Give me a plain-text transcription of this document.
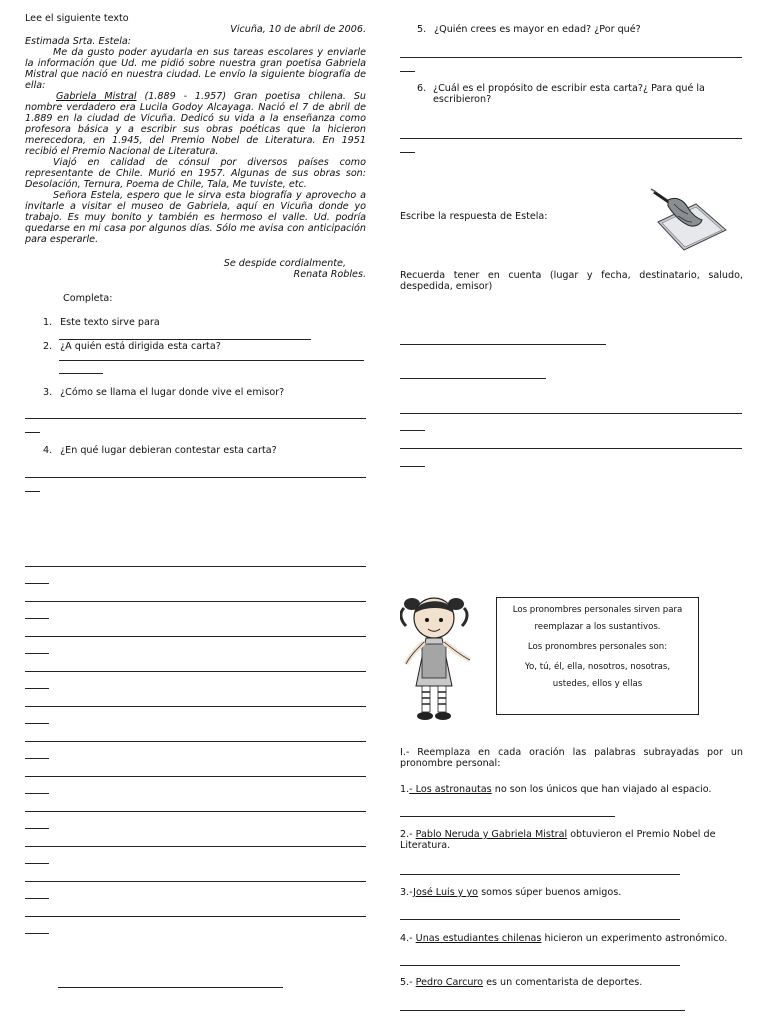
Lee el siguiente texto
Vicuña, 10 de abril de 2006.
Estimada Srta. Estela:

Me da gusto poder ayudarla en sus tareas escolares y enviarle la información que Ud. me pidió sobre nuestra gran poetisa Gabriela Mistral que nació en nuestra ciudad. Le envío la siguiente biografía de ella:

Gabriela Mistral (1.889 - 1.957) Gran poetisa chilena. Su nombre verdadero era Lucila Godoy Alcayaga. Nació el 7 de abril de 1.889 en la ciudad de Vicuña. Dedicó su vida a la enseñanza como profesora básica y a escribir sus obras poéticas que la hicieron merecedora, en 1.945, del Premio Nobel de Literatura. En 1951 recibió el Premio Nacional de Literatura.

Viajó en calidad de cónsul por diversos países como representante de Chile. Murió en 1957. Algunas de sus obras son: Desolación, Ternura, Poema de Chile, Tala, Me tuviste, etc.

Señora Estela, espero que le sirva esta biografía y aprovecho a invitarle a visitar el museo de Gabriela, aquí en Vicuña donde yo trabajo. Es muy bonito y también es hermoso el valle. Ud. podría quedarse en mi casa por algunos días. Sólo me avisa con anticipación para esperarle.

Se despide cordialmente,
Renata Robles.
Completa:
1. Este texto sirve para
2. ¿A quién está dirigida esta carta?
3. ¿Cómo se llama el lugar donde vive el emisor?
4. ¿En qué lugar debieran contestar esta carta?
5. ¿Quién crees es mayor en edad? ¿Por qué?
6. ¿Cuál es el propósito de escribir esta carta?¿ Para qué la escribieron?
Escribe la respuesta de Estela:
Recuerda tener en cuenta (lugar y fecha, destinatario, saludo, despedida, emisor)
Los pronombres personales sirven para
reemplazar a los sustantivos.
Los pronombres personales son:
Yo, tú, él, ella, nosotros, nosotras,
ustedes, ellos y ellas
I.- Reemplaza en cada oración las palabras subrayadas por un pronombre personal:
1.- Los astronautas no son los únicos que han viajado al espacio.
2.- Pablo Neruda y Gabriela Mistral obtuvieron el Premio Nobel de Literatura.
3.-José Luis y yo somos súper buenos amigos.
4.- Unas estudiantes chilenas hicieron un experimento astronómico.
5.- Pedro Carcuro es un comentarista de deportes.
